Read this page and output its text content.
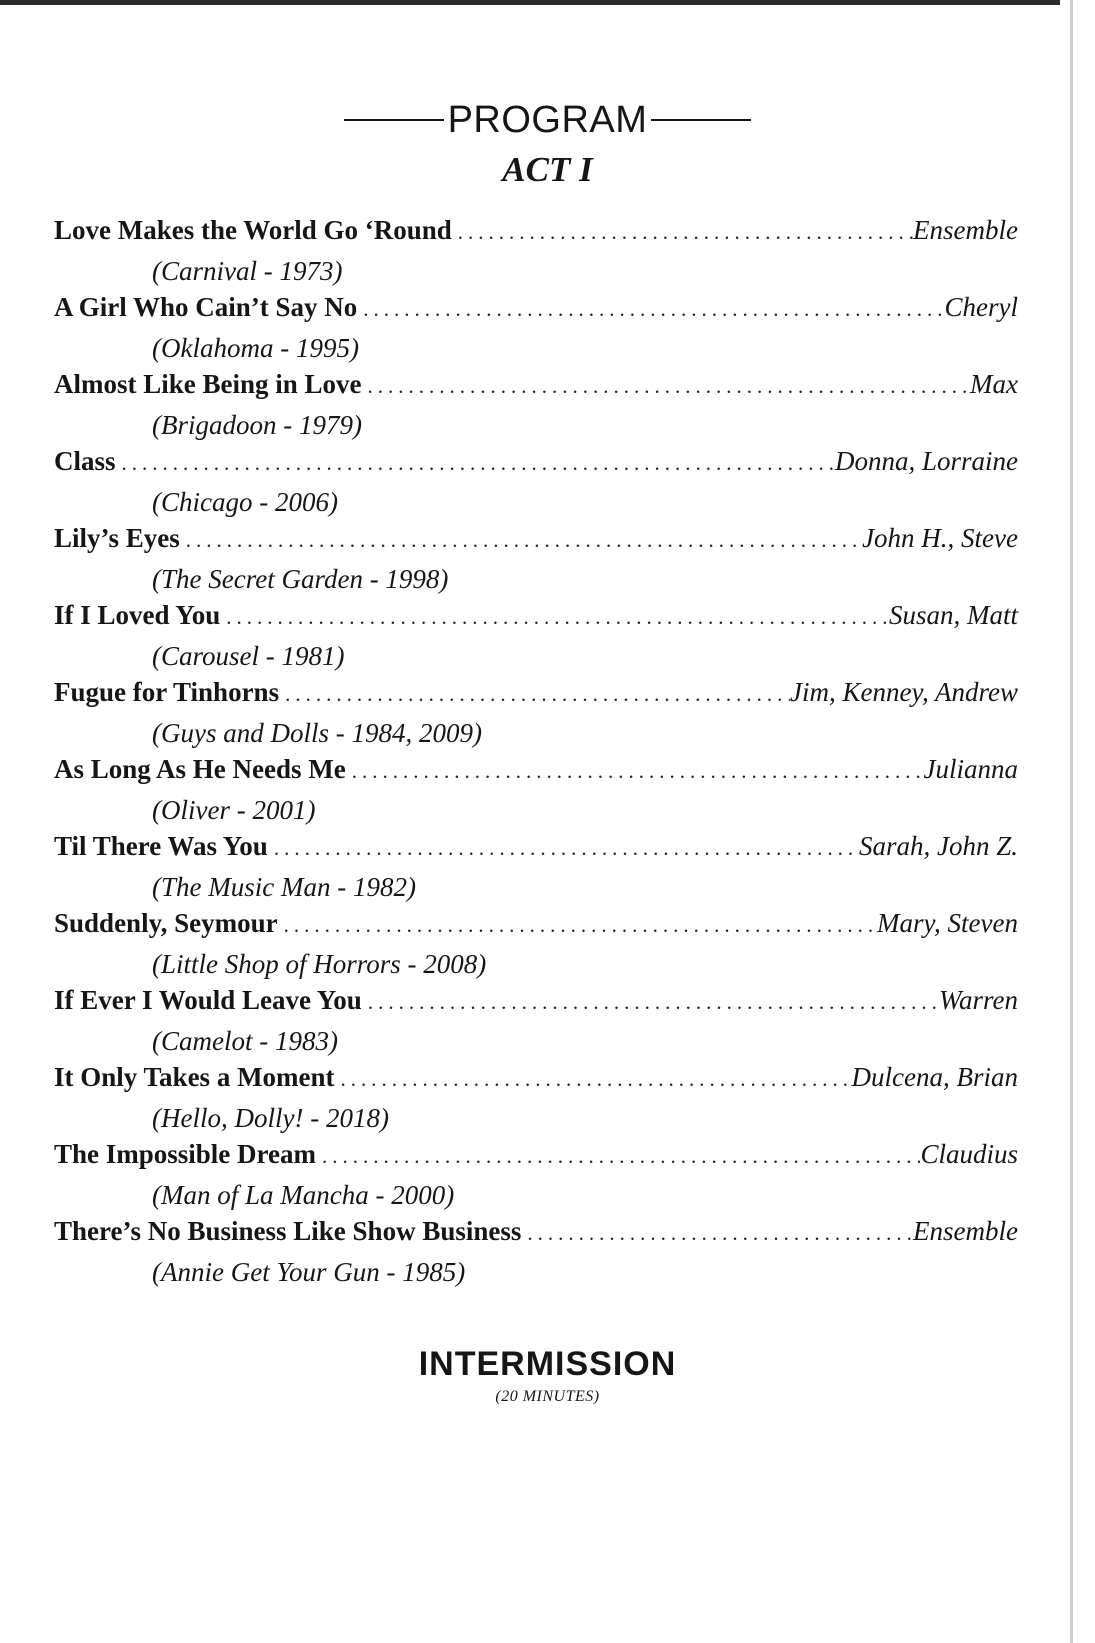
PROGRAM
ACT I
Love Makes the World Go ‘Round .....	Ensemble
(Carnival - 1973)
A Girl Who Cain’t Say No .....	Cheryl
(Oklahoma - 1995)
Almost Like Being in Love .....	Max
(Brigadoon - 1979)
Class .....	Donna, Lorraine
(Chicago - 2006)
Lily’s Eyes .....	John H., Steve
(The Secret Garden - 1998)
If I Loved You .....	Susan, Matt
(Carousel - 1981)
Fugue for Tinhorns .....	Jim, Kenney, Andrew
(Guys and Dolls - 1984, 2009)
As Long As He Needs Me .....	Julianna
(Oliver - 2001)
Til There Was You .....	Sarah, John Z.
(The Music Man - 1982)
Suddenly, Seymour .....	Mary, Steven
(Little Shop of Horrors - 2008)
If Ever I Would Leave You .....	Warren
(Camelot - 1983)
It Only Takes a Moment .....	Dulcena, Brian
(Hello, Dolly! - 2018)
The Impossible Dream .....	Claudius
(Man of La Mancha - 2000)
There’s No Business Like Show Business .....	Ensemble
(Annie Get Your Gun - 1985)
INTERMISSION
(20 MINUTES)
